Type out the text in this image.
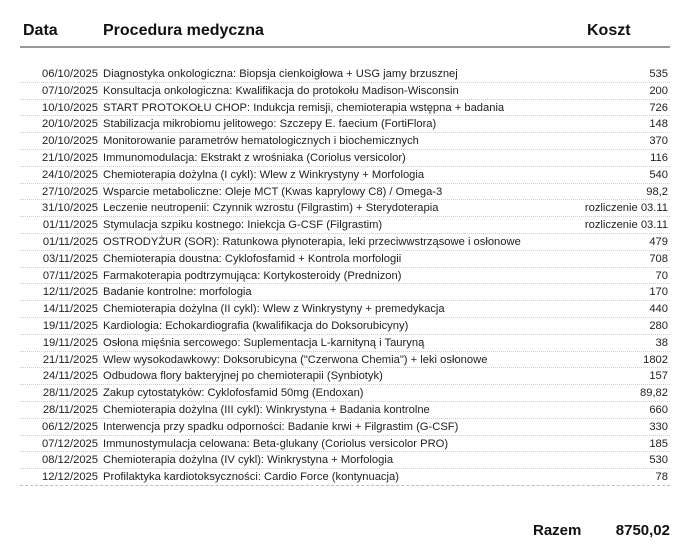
Data	Procedura medyczna	Koszt
06/10/2025 Diagnostyka onkologiczna: Biopsja cienkoigłowa + USG jamy brzusznej	535
07/10/2025 Konsultacja onkologiczna: Kwalifikacja do protokołu Madison-Wisconsin	200
10/10/2025 START PROTOKOŁU CHOP: Indukcja remisji, chemioterapia wstępna + badania	726
20/10/2025 Stabilizacja mikrobiomu jelitowego: Szczepy E. faecium (FortiFlora)	148
20/10/2025 Monitorowanie parametrów hematologicznych i biochemicznych	370
21/10/2025 Immunomodulacja: Ekstrakt z wrośniaka (Coriolus versicolor)	116
24/10/2025 Chemioterapia dożylna (I cykl): Wlew z Winkrystyny + Morfologia	540
27/10/2025 Wsparcie metaboliczne: Oleje MCT (Kwas kaprylowy C8) / Omega-3	98,2
31/10/2025 Leczenie neutropenii: Czynnik wzrostu (Filgrastim) + Sterydoterapia	rozliczenie 03.11
01/11/2025 Stymulacja szpiku kostnego: Iniekcja G-CSF (Filgrastim)	rozliczenie 03.11
01/11/2025 OSTRODYŻUR (SOR): Ratunkowa płynoterapia, leki przeciwwstrząsowe i osłonowe	479
03/11/2025 Chemioterapia doustna: Cyklofosfamid + Kontrola morfologii	708
07/11/2025 Farmakoterapia podtrzymująca: Kortykosteroidy (Prednizon)	70
12/11/2025 Badanie kontrolne: morfologia	170
14/11/2025 Chemioterapia dożylna (II cykl): Wlew z Winkrystyny + premedykacja	440
19/11/2025 Kardiologia: Echokardiografia (kwalifikacja do Doksorubicyny)	280
19/11/2025 Osłona mięśnia sercowego: Suplementacja L-karnityną i Tauryną	38
21/11/2025 Wlew wysokodawkowy: Doksorubicyna ("Czerwona Chemia") + leki osłonowe	1802
24/11/2025 Odbudowa flory bakteryjnej po chemioterapii (Synbiotyk)	157
28/11/2025 Zakup cytostatyków: Cyklofosfamid 50mg (Endoxan)	89,82
28/11/2025 Chemioterapia dożylna (III cykl): Winkrystyna + Badania kontrolne	660
06/12/2025 Interwencja przy spadku odporności: Badanie krwi + Filgrastim (G-CSF)	330
07/12/2025 Immunostymulacja celowana: Beta-glukany (Coriolus versicolor PRO)	185
08/12/2025 Chemioterapia dożylna (IV cykl): Winkrystyna + Morfologia	530
12/12/2025 Profilaktyka kardiotoksyczności: Cardio Force (kontynuacja)	78
Razem 8750,02
